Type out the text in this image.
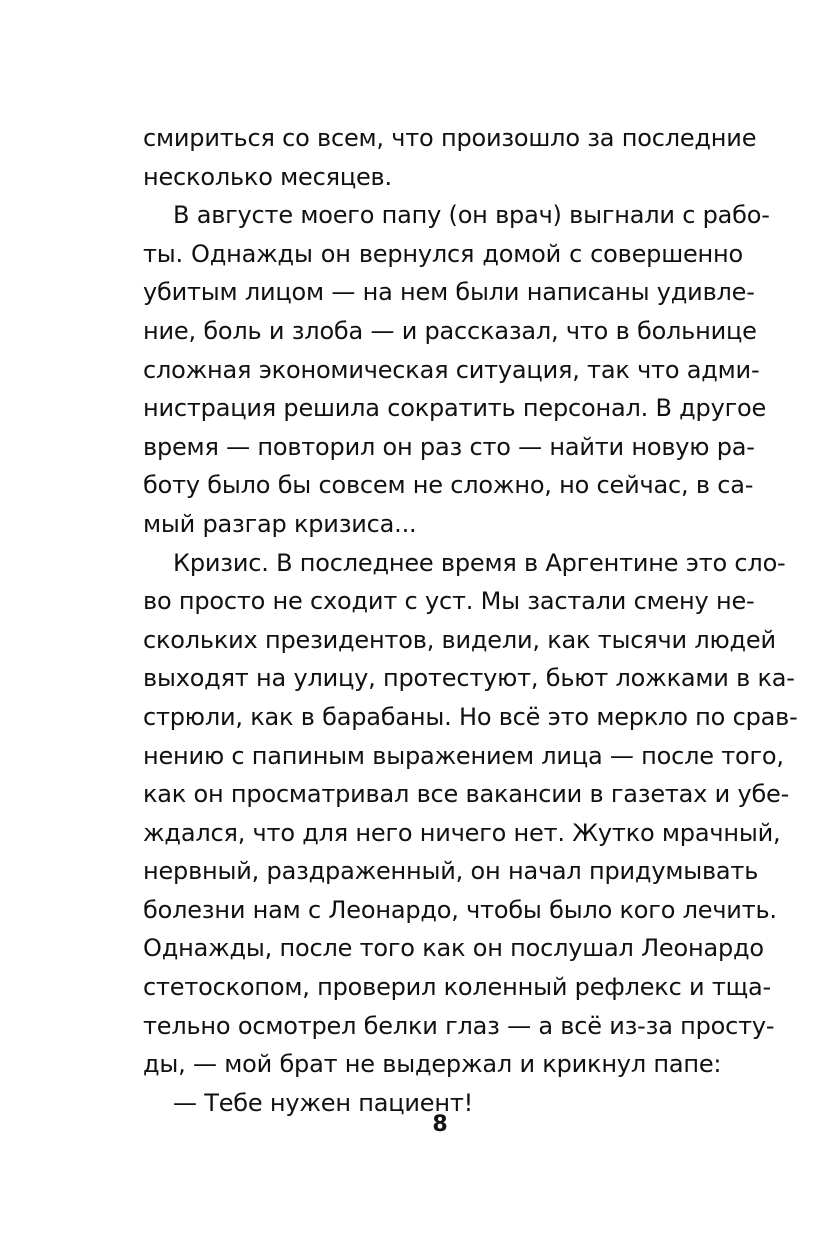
смириться со всем, что произошло за последние
несколько месяцев.
В августе моего папу (он врач) выгнали с рабо-
ты. Однажды он вернулся домой с совершенно
убитым лицом — на нем были написаны удивле-
ние, боль и злоба — и рассказал, что в больнице
сложная экономическая ситуация, так что адми-
нистрация решила сократить персонал. В другое
время — повторил он раз сто — найти новую ра-
боту было бы совсем не сложно, но сейчас, в са-
мый разгар кризиса...
Кризис. В последнее время в Аргентине это сло-
во просто не сходит с уст. Мы застали смену не-
скольких президентов, видели, как тысячи людей
выходят на улицу, протестуют, бьют ложками в ка-
стрюли, как в барабаны. Но всё это меркло по срав-
нению с папиным выражением лица — после того,
как он просматривал все вакансии в газетах и убе-
ждался, что для него ничего нет. Жутко мрачный,
нервный, раздраженный, он начал придумывать
болезни нам с Леонардо, чтобы было кого лечить.
Однажды, после того как он послушал Леонардо
стетоскопом, проверил коленный рефлекс и тща-
тельно осмотрел белки глаз — а всё из-за просту-
ды, — мой брат не выдержал и крикнул папе:
— Тебе нужен пациент!
8
